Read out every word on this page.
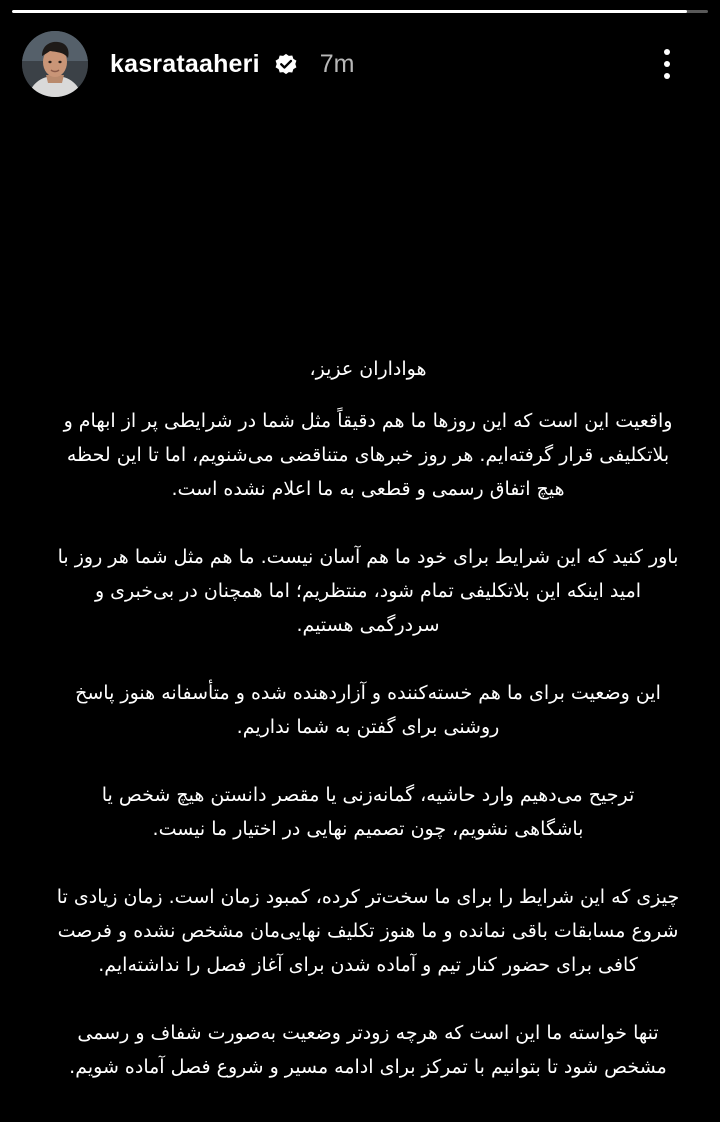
kasrataaheri 7m

هواداران عزیز،

واقعیت این است که این روزها ما هم دقیقاً مثل شما در شرایطی پر از ابهام و
بلاتکلیفی قرار گرفته‌ایم. هر روز خبرهای متناقضی می‌شنویم، اما تا این لحظه
هیچ اتفاق رسمی و قطعی به ما اعلام نشده است.

باور کنید که این شرایط برای خود ما هم آسان نیست. ما هم مثل شما هر روز با
امید اینکه این بلاتکلیفی تمام شود، منتظریم؛ اما همچنان در بی‌خبری و
سردرگمی هستیم.

این وضعیت برای ما هم خسته‌کننده و آزاردهنده شده و متأسفانه هنوز پاسخ
روشنی برای گفتن به شما نداریم.

ترجیح می‌دهیم وارد حاشیه، گمانه‌زنی یا مقصر دانستن هیچ شخص یا
باشگاهی نشویم، چون تصمیم نهایی در اختیار ما نیست.

چیزی که این شرایط را برای ما سخت‌تر کرده، کمبود زمان است. زمان زیادی تا
شروع مسابقات باقی نمانده و ما هنوز تکلیف نهایی‌مان مشخص نشده و فرصت
کافی برای حضور کنار تیم و آماده شدن برای آغاز فصل را نداشته‌ایم.

تنها خواسته ما این است که هرچه زودتر وضعیت به‌صورت شفاف و رسمی
مشخص شود تا بتوانیم با تمرکز برای ادامه مسیر و شروع فصل آماده شویم.
